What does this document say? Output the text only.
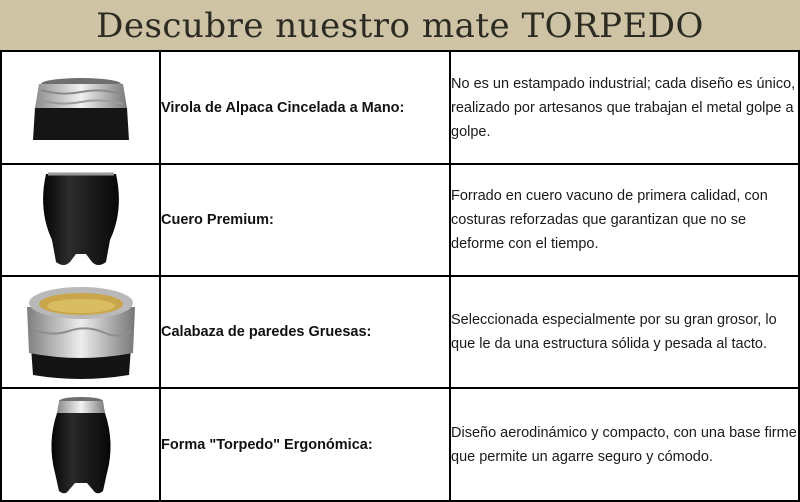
Descubre nuestro mate TORPEDO
	Virola de Alpaca Cincelada a Mano:	No es un estampado industrial; cada diseño es único, realizado por artesanos que trabajan el metal golpe a golpe.

	Cuero Premium:	Forrado en cuero vacuno de primera calidad, con costuras reforzadas que garantizan que no se deforme con el tiempo.

	Calabaza de paredes Gruesas:	Seleccionada especialmente por su gran grosor, lo que le da una estructura sólida y pesada al tacto.

	Forma "Torpedo" Ergonómica:	Diseño aerodinámico y compacto, con una base firme que permite un agarre seguro y cómodo.
